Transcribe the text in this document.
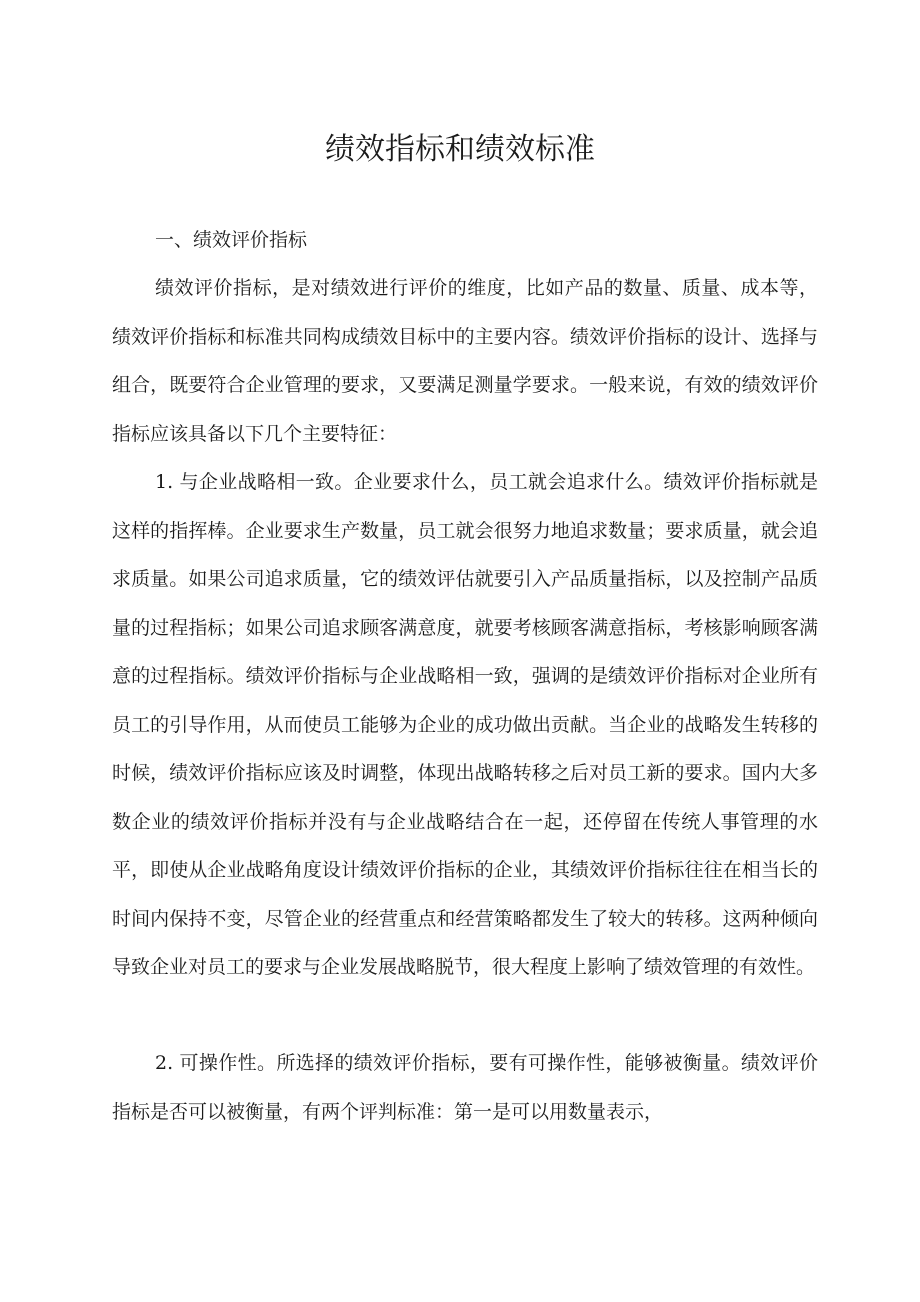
绩效指标和绩效标准
一、绩效评价指标

绩效评价指标，是对绩效进行评价的维度，比如产品的数量、质量、成本等，绩效评价指标和标准共同构成绩效目标中的主要内容。绩效评价指标的设计、选择与组合，既要符合企业管理的要求，又要满足测量学要求。一般来说，有效的绩效评价指标应该具备以下几个主要特征：

1. 与企业战略相一致。企业要求什么，员工就会追求什么。绩效评价指标就是这样的指挥棒。企业要求生产数量，员工就会很努力地追求数量；要求质量，就会追求质量。如果公司追求质量，它的绩效评估就要引入产品质量指标，以及控制产品质量的过程指标；如果公司追求顾客满意度，就要考核顾客满意指标，考核影响顾客满意的过程指标。绩效评价指标与企业战略相一致，强调的是绩效评价指标对企业所有员工的引导作用，从而使员工能够为企业的成功做出贡献。当企业的战略发生转移的时候，绩效评价指标应该及时调整，体现出战略转移之后对员工新的要求。国内大多数企业的绩效评价指标并没有与企业战略结合在一起，还停留在传统人事管理的水平，即使从企业战略角度设计绩效评价指标的企业，其绩效评价指标往往在相当长的时间内保持不变，尽管企业的经营重点和经营策略都发生了较大的转移。这两种倾向导致企业对员工的要求与企业发展战略脱节，很大程度上影响了绩效管理的有效性。

2. 可操作性。所选择的绩效评价指标，要有可操作性，能够被衡量。绩效评价指标是否可以被衡量，有两个评判标准：第一是可以用数量表示，
